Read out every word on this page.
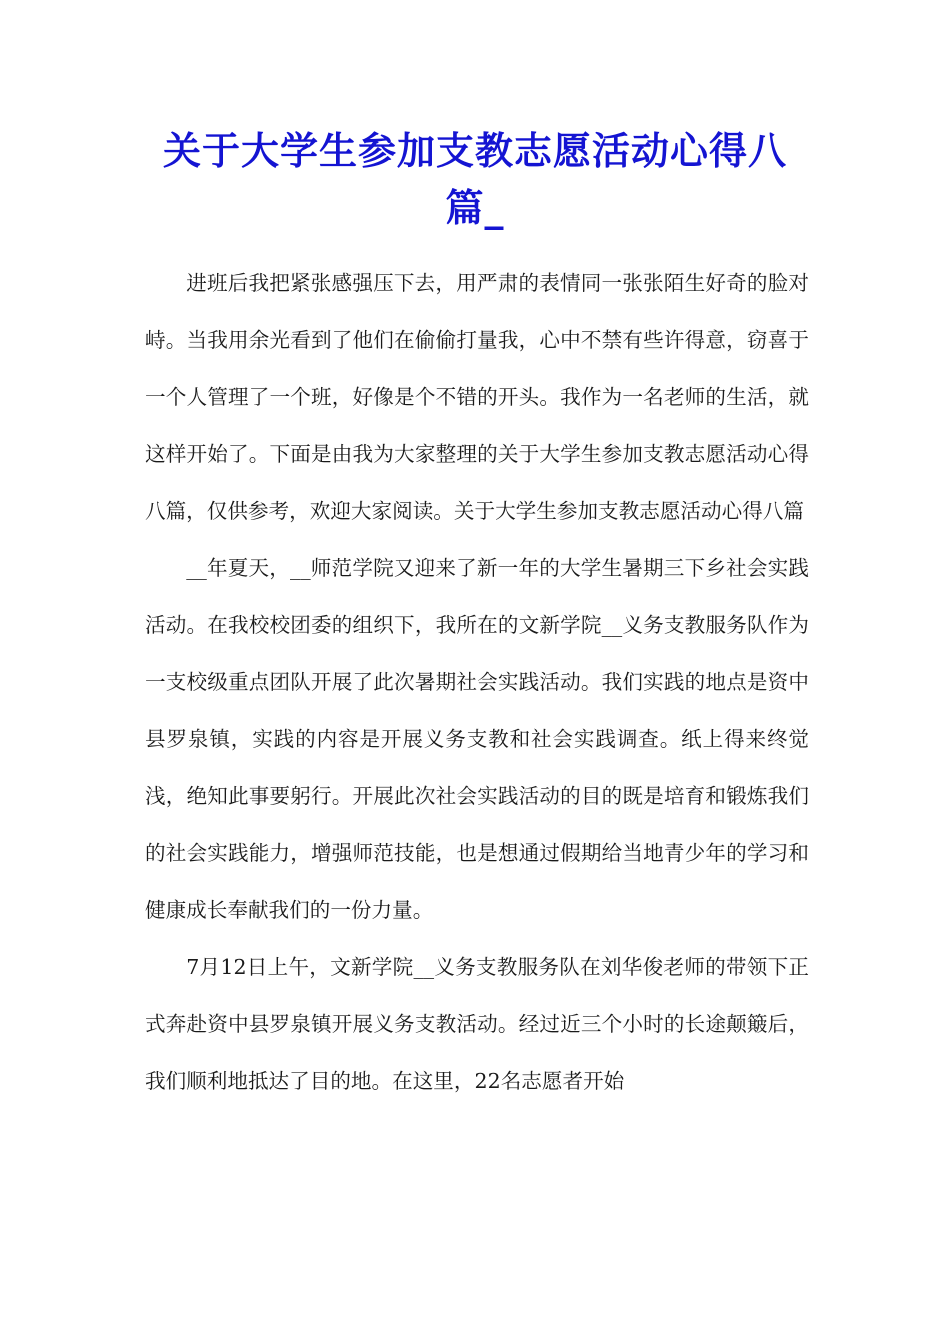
关于大学生参加支教志愿活动心得八篇_

进班后我把紧张感强压下去，用严肃的表情同一张张陌生好奇的脸对峙。当我用余光看到了他们在偷偷打量我，心中不禁有些许得意，窃喜于一个人管理了一个班，好像是个不错的开头。我作为一名老师的生活，就这样开始了。下面是由我为大家整理的关于大学生参加支教志愿活动心得八篇，仅供参考，欢迎大家阅读。关于大学生参加支教志愿活动心得八篇

__年夏天，__师范学院又迎来了新一年的大学生暑期三下乡社会实践活动。在我校校团委的组织下，我所在的文新学院__义务支教服务队作为一支校级重点团队开展了此次暑期社会实践活动。我们实践的地点是资中县罗泉镇，实践的内容是开展义务支教和社会实践调查。纸上得来终觉浅，绝知此事要躬行。开展此次社会实践活动的目的既是培育和锻炼我们的社会实践能力，增强师范技能，也是想通过假期给当地青少年的学习和健康成长奉献我们的一份力量。

7月12日上午，文新学院__义务支教服务队在刘华俊老师的带领下正式奔赴资中县罗泉镇开展义务支教活动。经过近三个小时的长途颠簸后，我们顺利地抵达了目的地。在这里，22名志愿者开始
